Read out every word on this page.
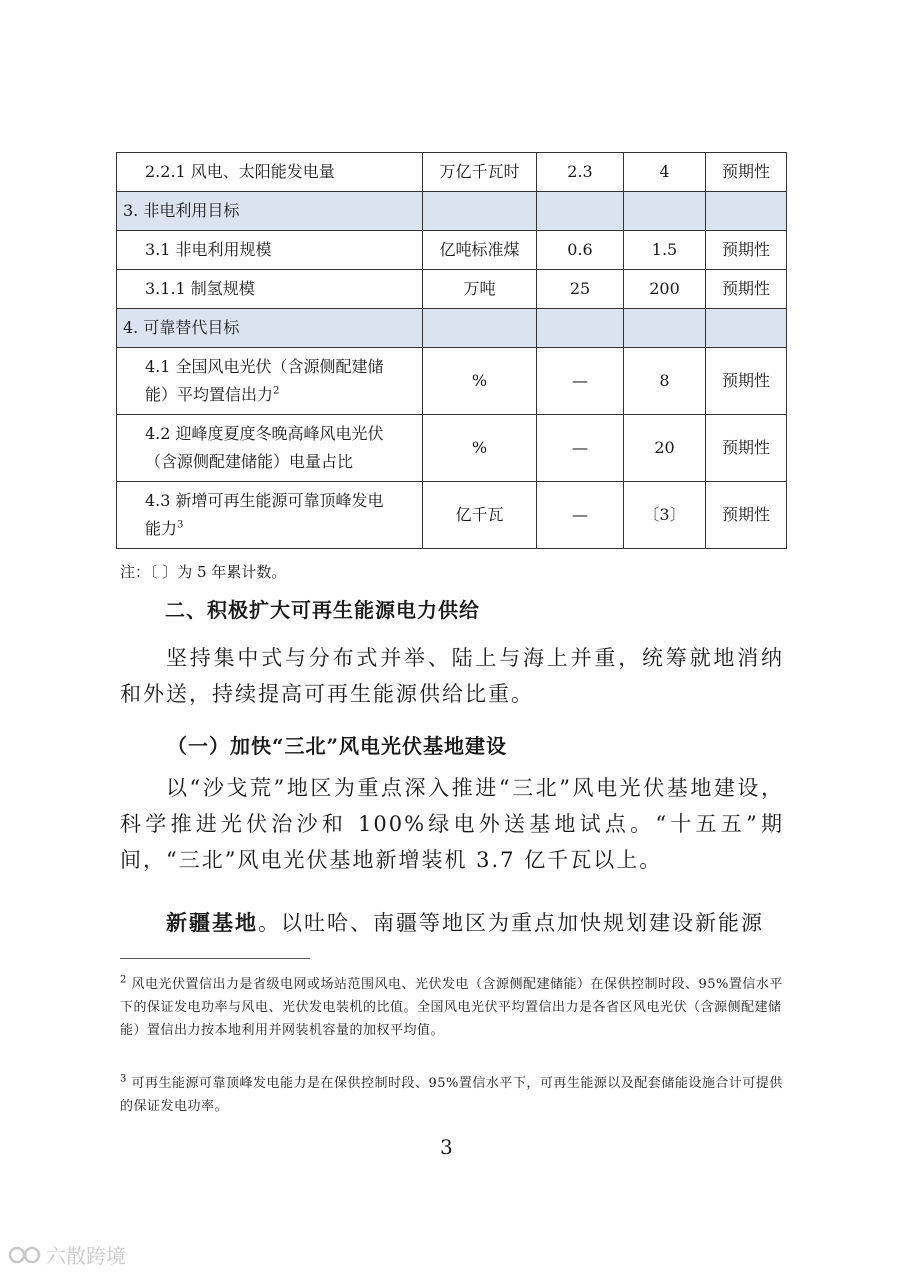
2.2.1 风电、太阳能发电量	万亿千瓦时	2.3	4	预期性
3. 非电利用目标				
3.1 非电利用规模	亿吨标准煤	0.6	1.5	预期性
3.1.1 制氢规模	万吨	25	200	预期性
4. 可靠替代目标				

4.1 全国风电光伏（含源侧配建储
能）平均置信出力$^2$	%	—	8	预期性

4.2 迎峰度夏度冬晚高峰风电光伏
（含源侧配建储能）电量占比	%	—	20	预期性

4.3 新增可再生能源可靠顶峰发电
能力$^3$	亿千瓦	—	〔3〕	预期性
注：〔 〕为 5 年累计数。
二、积极扩大可再生能源电力供给
坚持集中式与分布式并举、陆上与海上并重，统筹就地消纳和外送，持续提高可再生能源供给比重。
（一）加快“三北”风电光伏基地建设
以“沙戈荒”地区为重点深入推进“三北”风电光伏基地建设，科学推进光伏治沙和 100%绿电外送基地试点。“十五五”期间，“三北”风电光伏基地新增装机 3.7 亿千瓦以上。
新疆基地。以吐哈、南疆等地区为重点加快规划建设新能源
$^2$ 风电光伏置信出力是省级电网或场站范围风电、光伏发电（含源侧配建储能）在保供控制时段、95%置信水平下的保证发电功率与风电、光伏发电装机的比值。全国风电光伏平均置信出力是各省区风电光伏（含源侧配建储能）置信出力按本地利用并网装机容量的加权平均值。
$^3$ 可再生能源可靠顶峰发电能力是在保供控制时段、95%置信水平下，可再生能源以及配套储能设施合计可提供的保证发电功率。
3
六散跨境
